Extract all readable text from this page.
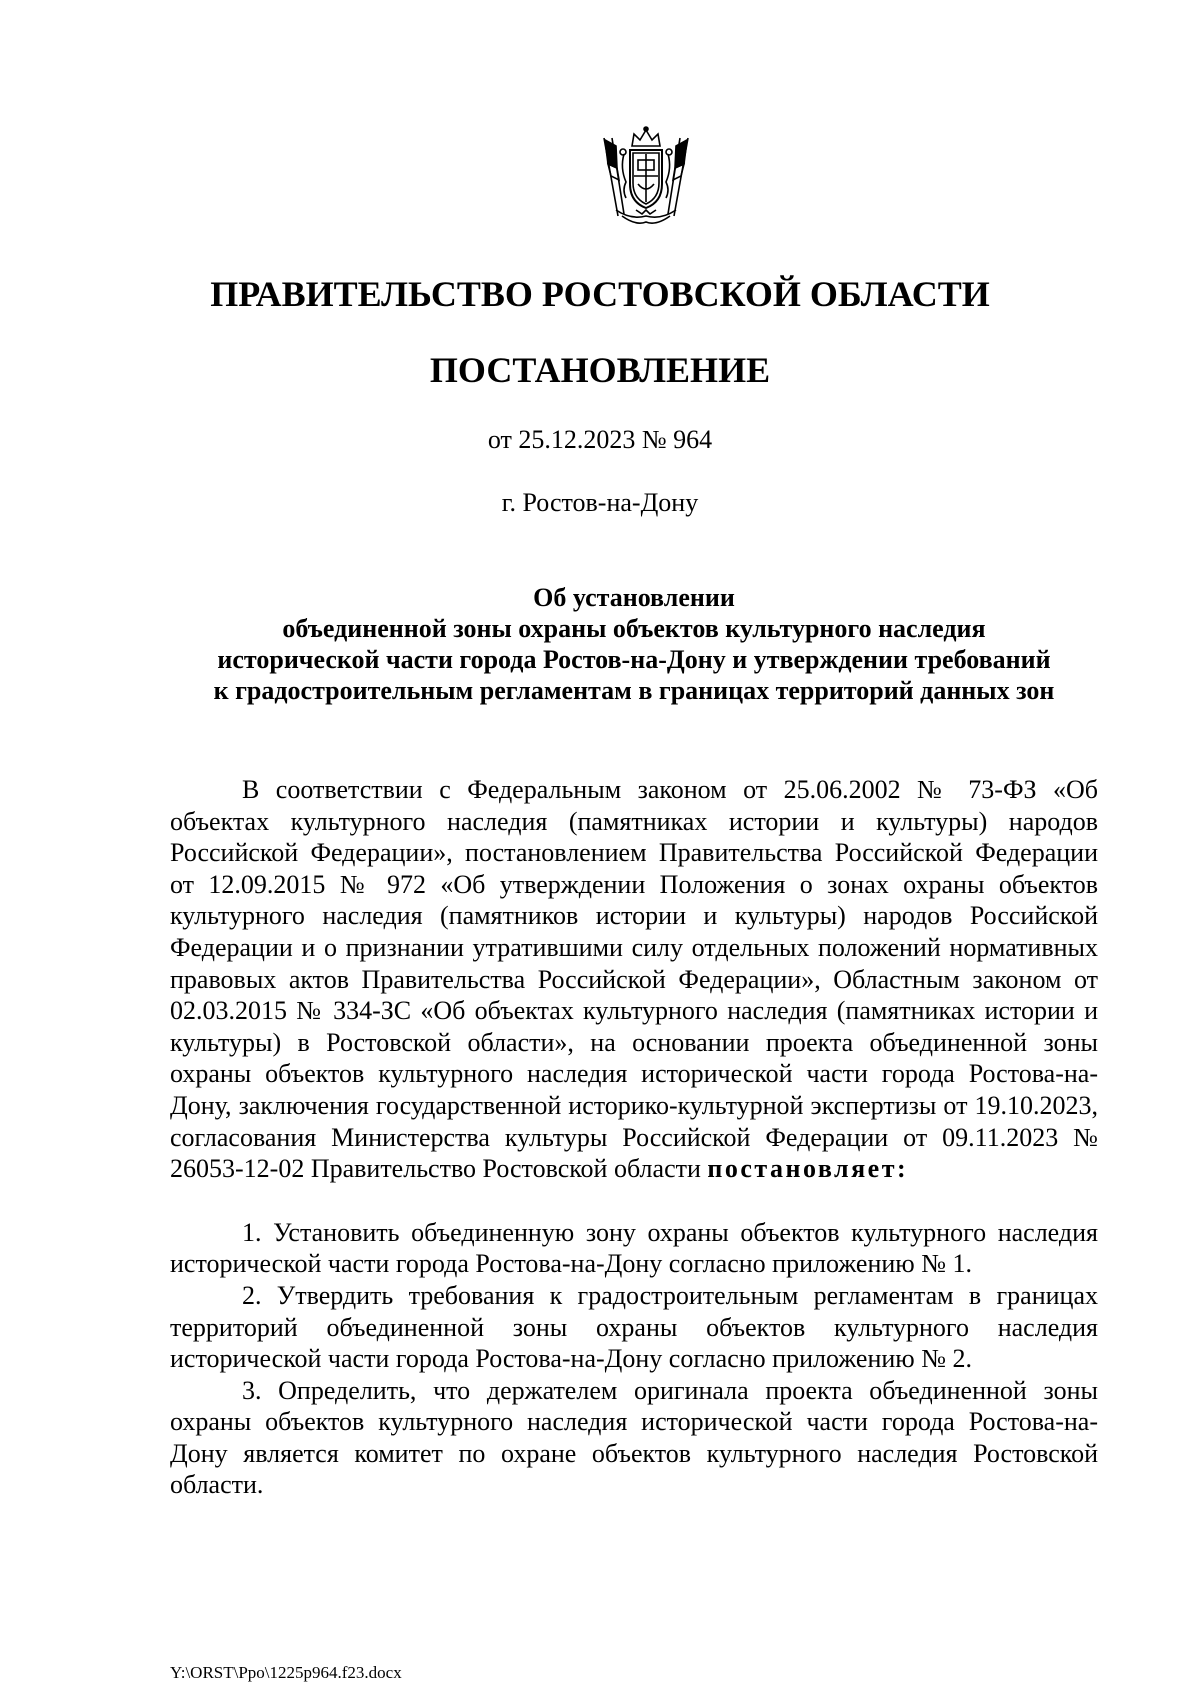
ПРАВИТЕЛЬСТВО РОСТОВСКОЙ ОБЛАСТИ
ПОСТАНОВЛЕНИЕ
от 25.12.2023 № 964
г. Ростов-на-Дону
Об установлении
объединенной зоны охраны объектов культурного наследия
исторической части города Ростов-на-Дону и утверждении требований
к градостроительным регламентам в границах территорий данных зон

В соответствии с Федеральным законом от 25.06.2002 № 73-ФЗ «Об объектах культурного наследия (памятниках истории и культуры) народов Российской Федерации», постановлением Правительства Российской Федерации от 12.09.2015 № 972 «Об утверждении Положения о зонах охраны объектов культурного наследия (памятников истории и культуры) народов Российской Федерации и о признании утратившими силу отдельных положений нормативных правовых актов Правительства Российской Федерации», Областным законом от 02.03.2015 № 334-ЗС «Об объектах культурного наследия (памятниках истории и культуры) в Ростовской области», на основании проекта объединенной зоны охраны объектов культурного наследия исторической части города Ростова-на-Дону, заключения государственной историко-культурной экспертизы от 19.10.2023, согласования Министерства культуры Российской Федерации от 09.11.2023 № 26053-12-02 Правительство Ростовской области постановляет:

1. Установить объединенную зону охраны объектов культурного наследия исторической части города Ростова-на-Дону согласно приложению № 1.

2. Утвердить требования к градостроительным регламентам в границах территорий объединенной зоны охраны объектов культурного наследия исторической части города Ростова-на-Дону согласно приложению № 2.

3. Определить, что держателем оригинала проекта объединенной зоны охраны объектов культурного наследия исторической части города Ростова-на-Дону является комитет по охране объектов культурного наследия Ростовской области.

Y:\ORST\Ppo\1225p964.f23.docx
